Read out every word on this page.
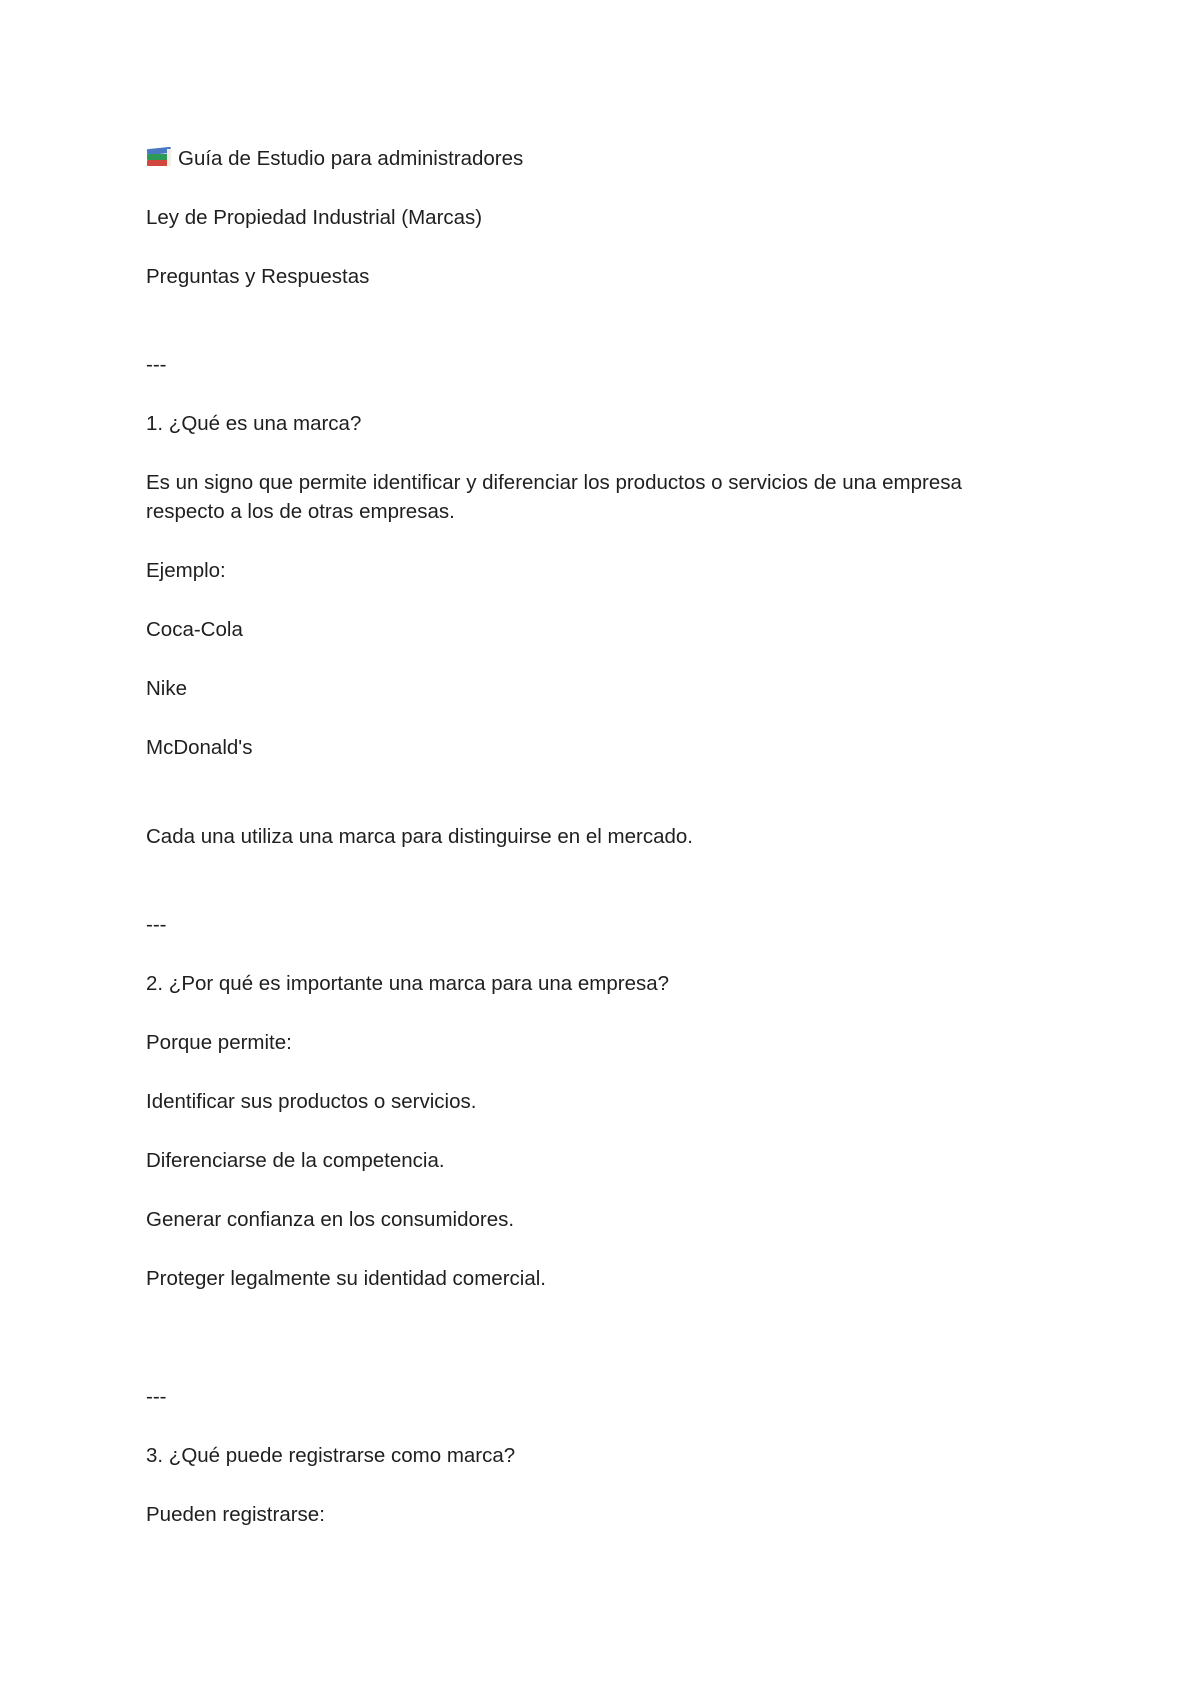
Guía de Estudio para administradores
Ley de Propiedad Industrial (Marcas)
Preguntas y Respuestas
---
1. ¿Qué es una marca?
Es un signo que permite identificar y diferenciar los productos o servicios de una empresa respecto a los de otras empresas.
Ejemplo:
Coca-Cola
Nike
McDonald's
Cada una utiliza una marca para distinguirse en el mercado.
---
2. ¿Por qué es importante una marca para una empresa?
Porque permite:
Identificar sus productos o servicios.
Diferenciarse de la competencia.
Generar confianza en los consumidores.
Proteger legalmente su identidad comercial.
---
3. ¿Qué puede registrarse como marca?
Pueden registrarse:
